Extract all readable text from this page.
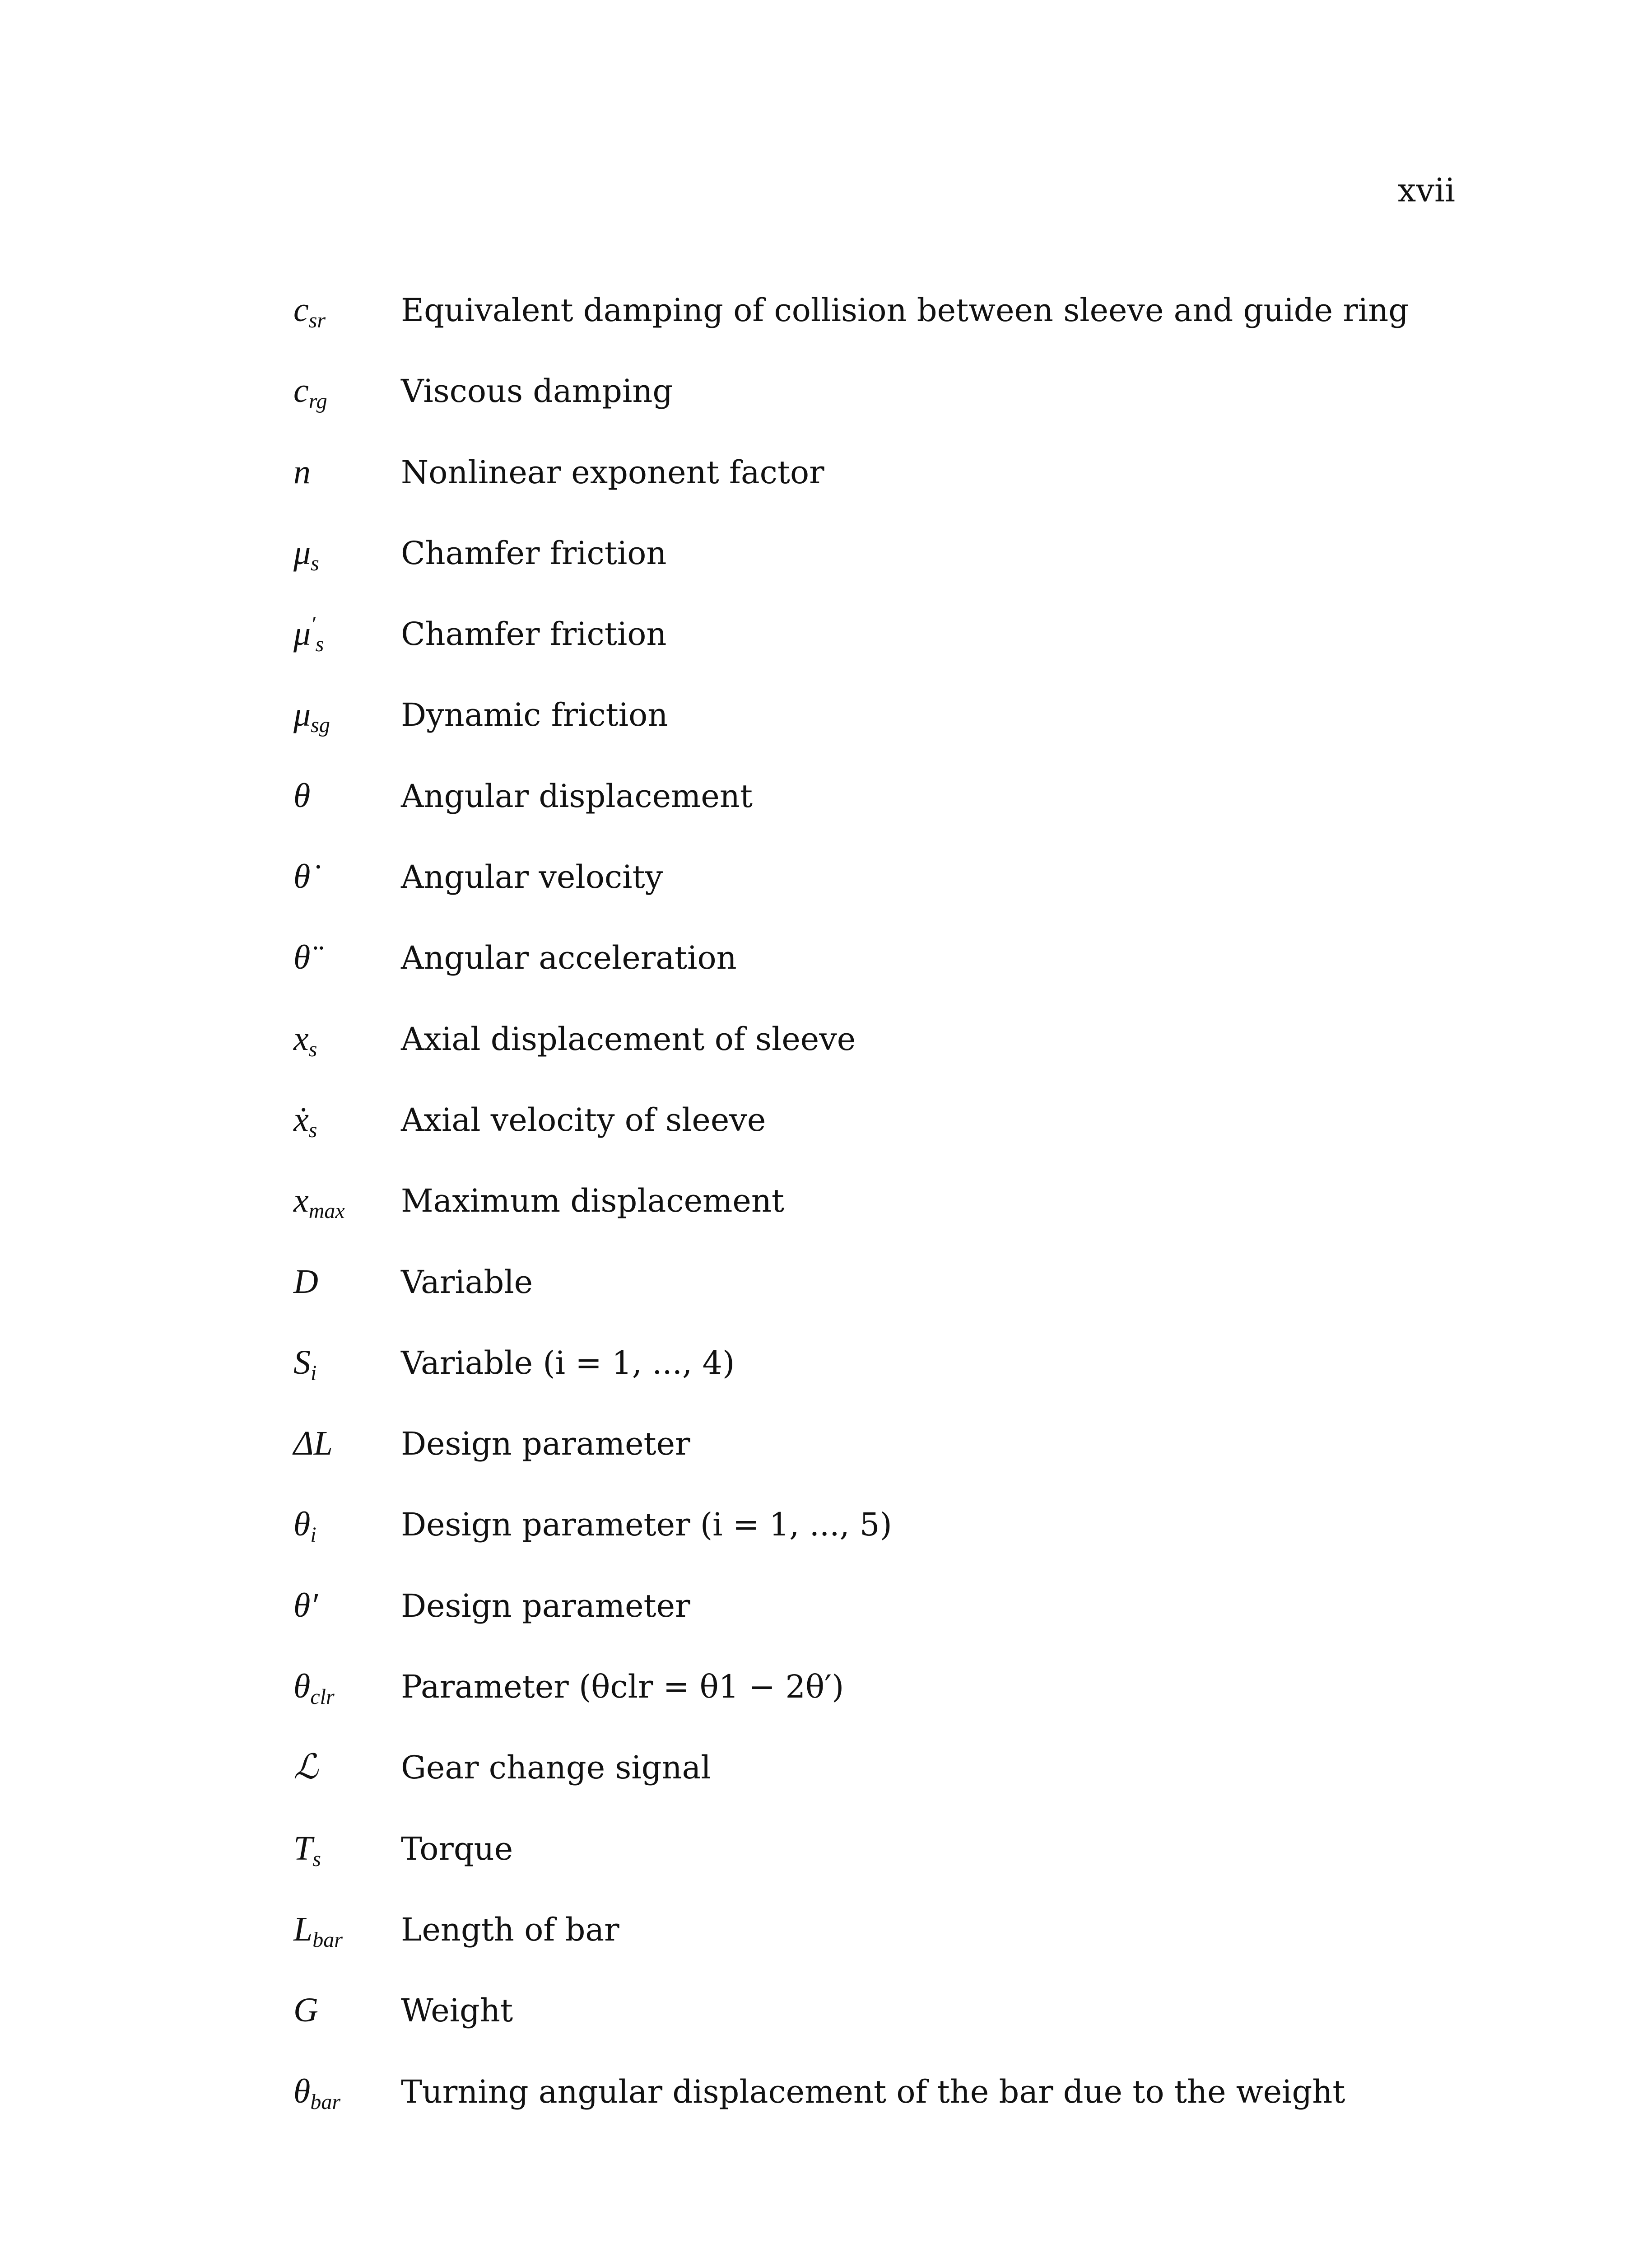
xvii
$c_{sr}$	Equivalent damping of collision between sleeve and guide ring
$c_{rg}$	Viscous damping
n	Nonlinear exponent factor
$\mu_s$	Chamfer friction
$\mu'_s$	Chamfer friction
$\mu_{sg}$	Dynamic friction
θ	Angular displacement
θ̇	Angular velocity
θ̈	Angular acceleration
$x_s$	Axial displacement of sleeve
ẋ$_s$	Axial velocity of sleeve
$x_{max}$	Maximum displacement
D	Variable
$S_i$	Variable (i = 1, ..., 4)
ΔL	Design parameter
$\theta_i$	Design parameter (i = 1, ..., 5)
θ′	Design parameter
$\theta_{clr}$	Parameter (θclr = θ1 − 2θ′)
ℒ	Gear change signal
$T_s$	Torque
$L_{bar}$	Length of bar
G	Weight
$\theta_{bar}$	Turning angular displacement of the bar due to the weight
